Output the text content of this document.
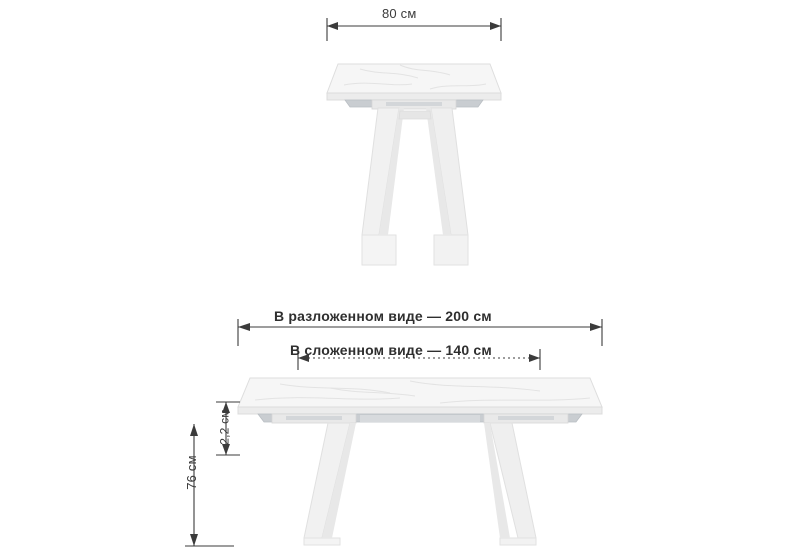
80 см
В разложенном виде — 200 см
В сложенном виде — 140 см
76 см
2,2 см
